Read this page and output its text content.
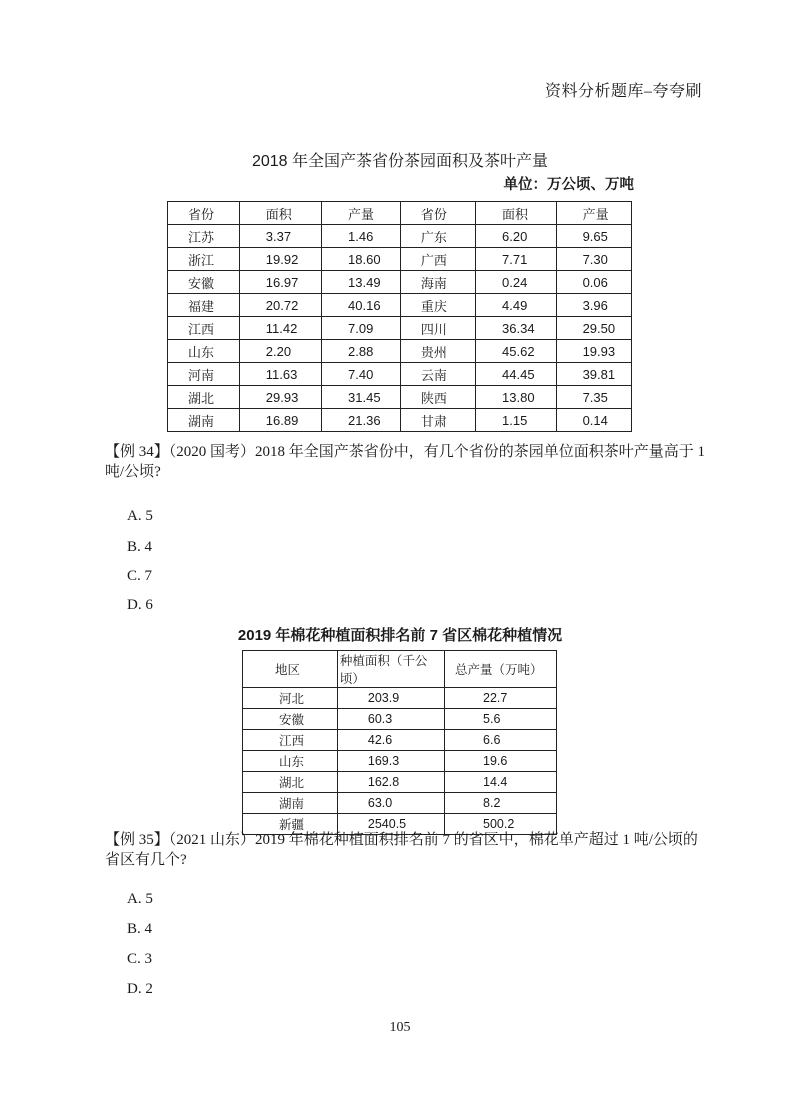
资料分析题库–夸夸刷
2018 年全国产茶省份茶园面积及茶叶产量
单位：万公顷、万吨
省份	面积	产量	省份	面积	产量
江苏	3.37	1.46	广东	6.20	9.65
浙江	19.92	18.60	广西	7.71	7.30
安徽	16.97	13.49	海南	0.24	0.06
福建	20.72	40.16	重庆	4.49	3.96
江西	11.42	7.09	四川	36.34	29.50
山东	2.20	2.88	贵州	45.62	19.93
河南	11.63	7.40	云南	44.45	39.81
湖北	29.93	31.45	陕西	13.80	7.35
湖南	16.89	21.36	甘肃	1.15	0.14
【例 34】（2020 国考）2018 年全国产茶省份中，有几个省份的茶园单位面积茶叶产量高于 1 吨/公顷?
A. 5
B. 4
C. 7
D. 6
2019 年棉花种植面积排名前 7 省区棉花种植情况
地区	种植面积（千公顷）	总产量（万吨）
河北	203.9	22.7
安徽	60.3	5.6
江西	42.6	6.6
山东	169.3	19.6
湖北	162.8	14.4
湖南	63.0	8.2
新疆	2540.5	500.2
【例 35】（2021 山东）2019 年棉花种植面积排名前 7 的省区中，棉花单产超过 1 吨/公顷的省区有几个?
A. 5
B. 4
C. 3
D. 2
105
